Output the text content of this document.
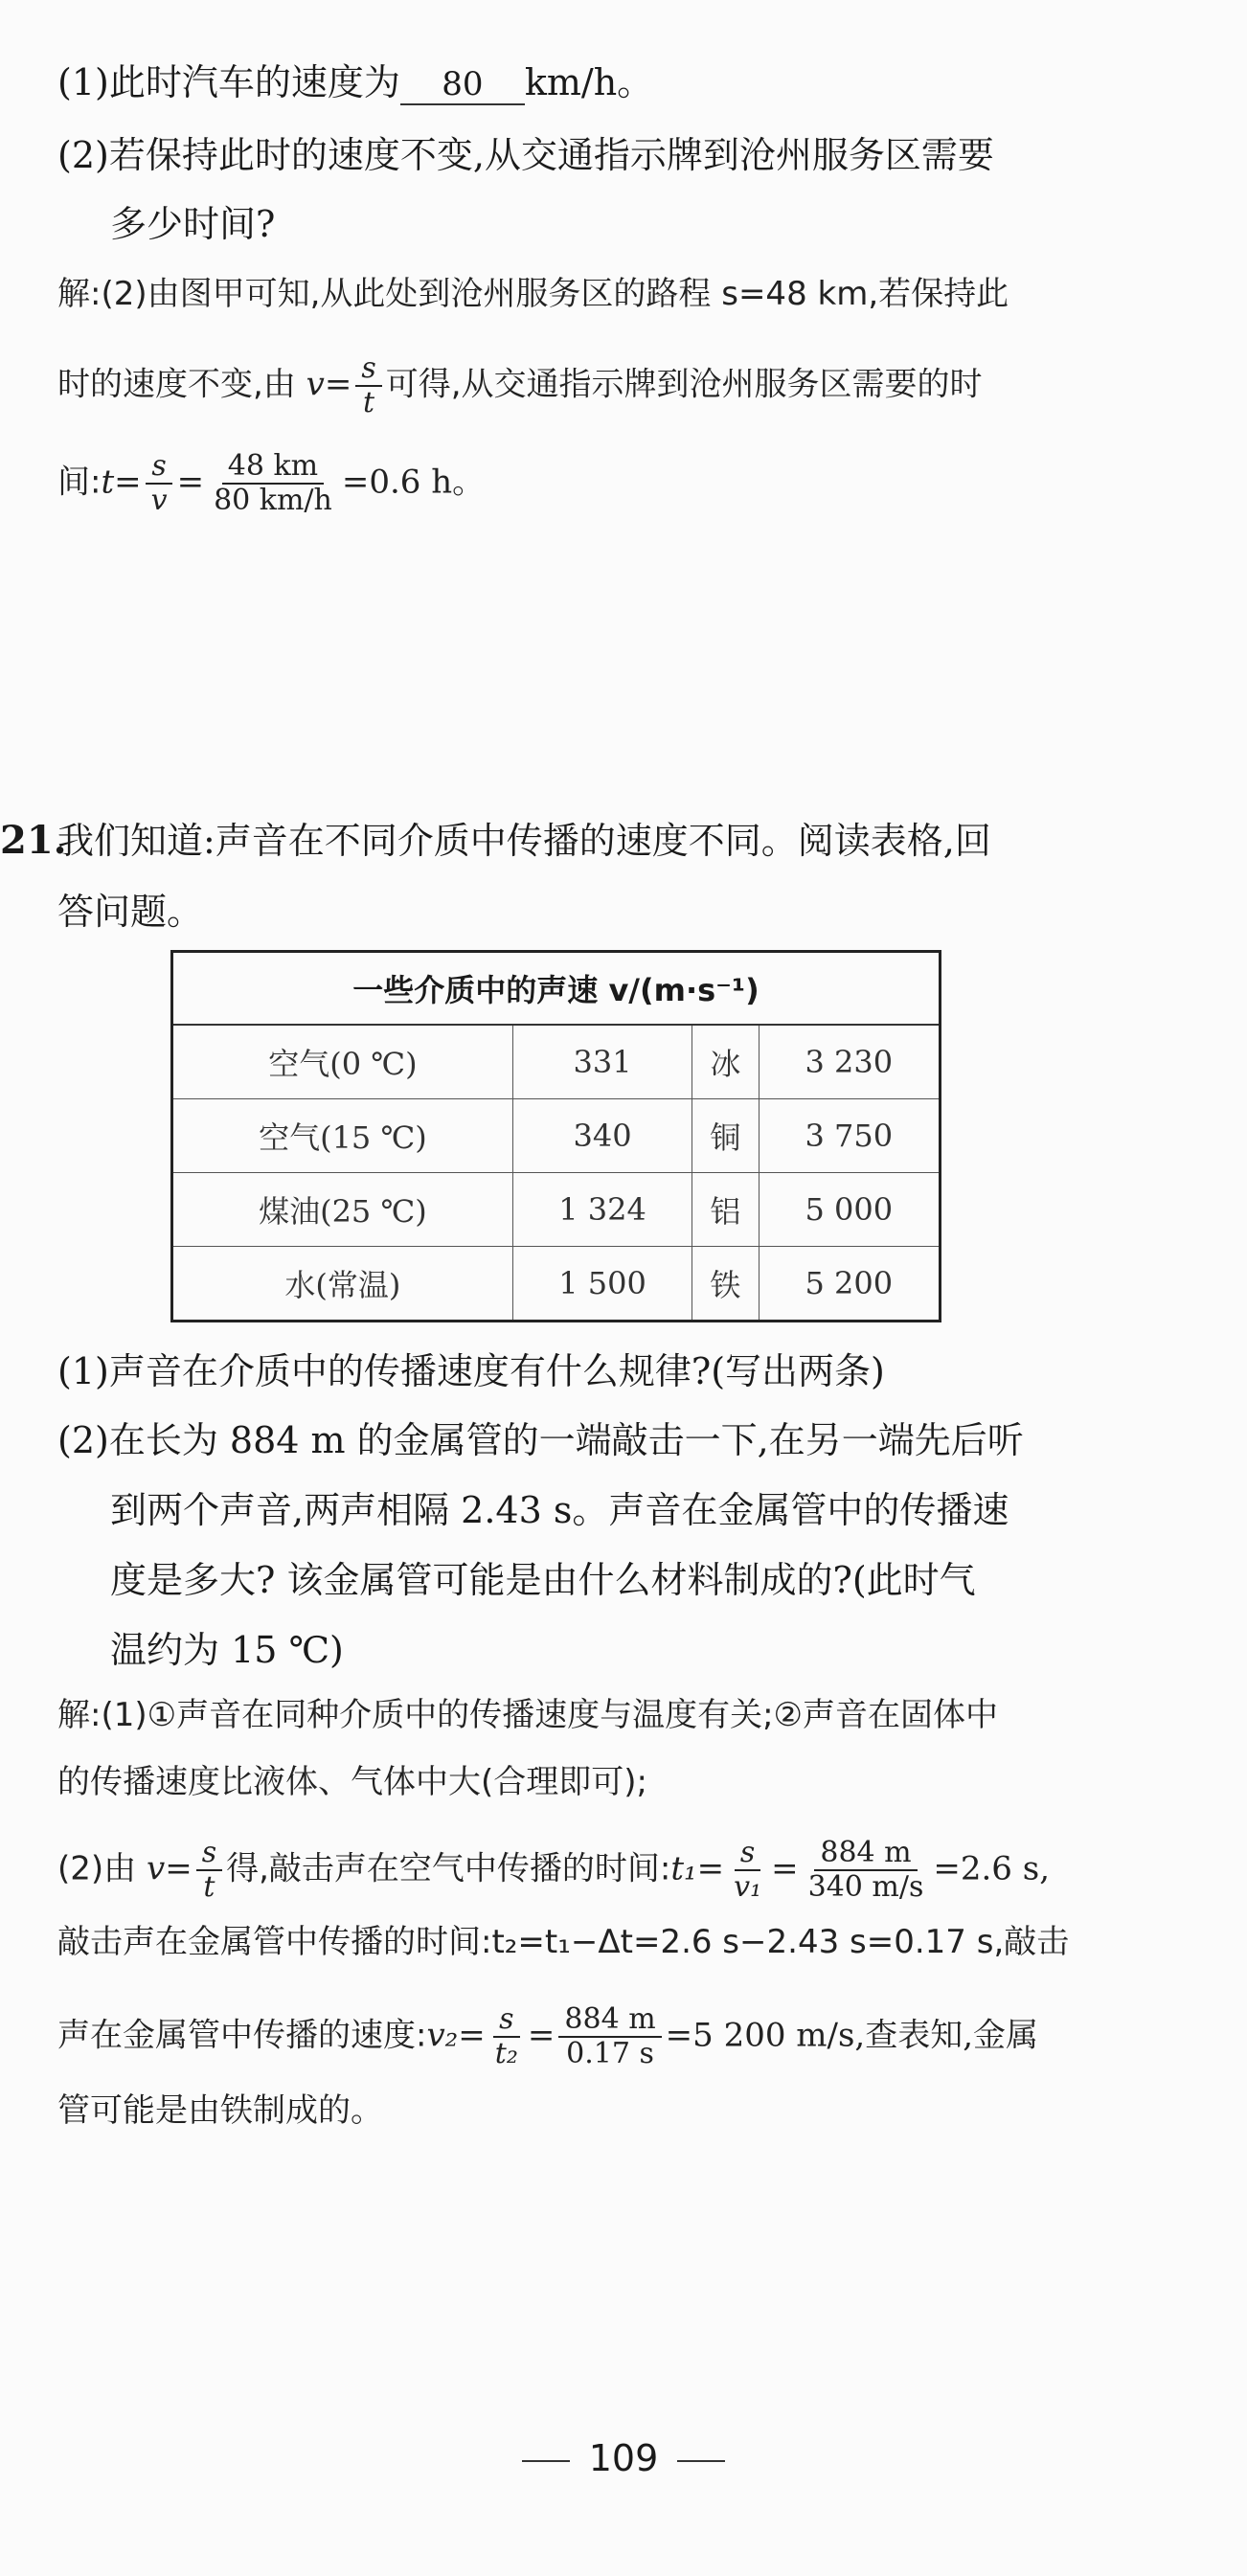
(1)此时汽车的速度为 80 km/h。
(2)若保持此时的速度不变,从交通指示牌到沧州服务区需要
多少时间?
解:(2)由图甲可知,从此处到沧州服务区的路程 s=48 km,若保持此
时的速度不变,由 $v= \frac{s}{t}$ 可得,从交通指示牌到沧州服务区需要的时
间:t= $\frac{s}{v} = \frac{48 km}{80 km/h} =0.6$ h。
21.
我们知道:声音在不同介质中传播的速度不同。阅读表格,回
答问题。
一些介质中的声速 v/(m·s⁻¹)			
空气(0 ℃)	331	冰	3 230
空气(15 ℃)	340	铜	3 750
煤油(25 ℃)	1 324	铝	5 000
水(常温)	1 500	铁	5 200
(1)声音在介质中的传播速度有什么规律?(写出两条)
(2)在长为 884 m 的金属管的一端敲击一下,在另一端先后听
到两个声音,两声相隔 2.43 s。声音在金属管中的传播速
度是多大? 该金属管可能是由什么材料制成的?(此时气
温约为 15 ℃)
解:(1)①声音在同种介质中的传播速度与温度有关;②声音在固体中
的传播速度比液体、气体中大(合理即可);
(2)由 $v= \frac{s}{t}$ 得,敲击声在空气中传播的时间:t₁= $\frac{s}{\text{v₁}} = \frac{884 m}{340 m/s} =2.6$ s,
敲击声在金属管中传播的时间:t₂=t₁−Δt=2.6 s−2.43 s=0.17 s,敲击
声在金属管中传播的速度:v₂= $\frac{s}{\text{t₂}} = \frac{884 m}{0.17 s} =5$ 200 m/s,查表知,金属
管可能是由铁制成的。
109
